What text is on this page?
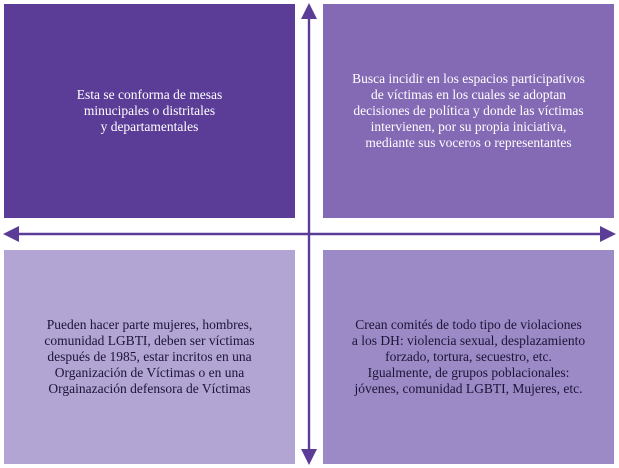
Esta se conforma de mesas
minucipales o distritales
y departamentales
Busca incidir en los espacios participativos
de víctimas en los cuales se adoptan
decisiones de política y donde las víctimas
intervienen, por su propia iniciativa,
mediante sus voceros o representantes
Pueden hacer parte mujeres, hombres,
comunidad LGBTI, deben ser víctimas
después de 1985, estar incritos en una
Organización de Víctimas o en una
Orgainazación defensora de Víctimas
Crean comités de todo tipo de violaciones
a los DH: violencia sexual, desplazamiento
forzado, tortura, secuestro, etc.
Igualmente, de grupos poblacionales:
jóvenes, comunidad LGBTI, Mujeres, etc.
